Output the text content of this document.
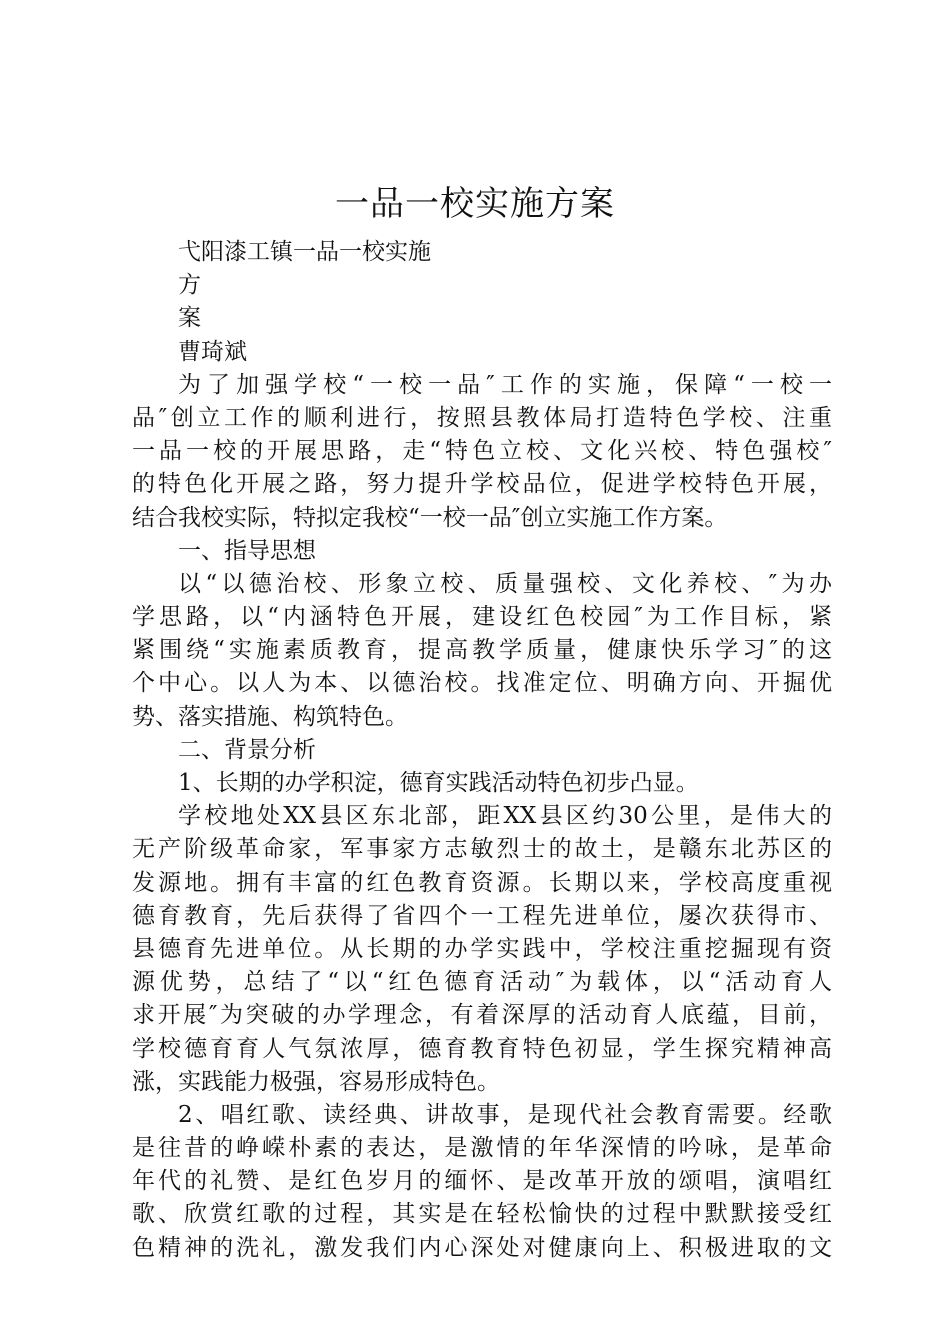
一品一校实施方案
弋阳漆工镇一品一校实施
方
案
曹琦斌
为了加强学校“一校一品″工作的实施，保障“一校一
品″创立工作的顺利进行，按照县教体局打造特色学校、注重
一品一校的开展思路，走“特色立校、文化兴校、特色强校″
的特色化开展之路，努力提升学校品位，促进学校特色开展，
结合我校实际，特拟定我校“一校一品″创立实施工作方案。
一、指导思想
以“以德治校、形象立校、质量强校、文化养校、″为办
学思路，以“内涵特色开展，建设红色校园″为工作目标，紧
紧围绕“实施素质教育，提高教学质量，健康快乐学习″的这
个中心。以人为本、以德治校。找准定位、明确方向、开掘优
势、落实措施、构筑特色。
二、背景分析
1、长期的办学积淀，德育实践活动特色初步凸显。
学校地处XX县区东北部，距XX县区约30公里，是伟大的
无产阶级革命家，军事家方志敏烈士的故土，是赣东北苏区的
发源地。拥有丰富的红色教育资源。长期以来，学校高度重视
德育教育，先后获得了省四个一工程先进单位，屡次获得市、
县德育先进单位。从长期的办学实践中，学校注重挖掘现有资
源优势，总结了“以“红色德育活动″为载体，以“活动育人
求开展″为突破的办学理念，有着深厚的活动育人底蕴，目前，
学校德育育人气氛浓厚，德育教育特色初显，学生探究精神高
涨，实践能力极强，容易形成特色。
2、唱红歌、读经典、讲故事，是现代社会教育需要。经歌
是往昔的峥嵘朴素的表达，是激情的年华深情的吟咏，是革命
年代的礼赞、是红色岁月的缅怀、是改革开放的颂唱，演唱红
歌、欣赏红歌的过程，其实是在轻松愉快的过程中默默接受红
色精神的洗礼，激发我们内心深处对健康向上、积极进取的文
